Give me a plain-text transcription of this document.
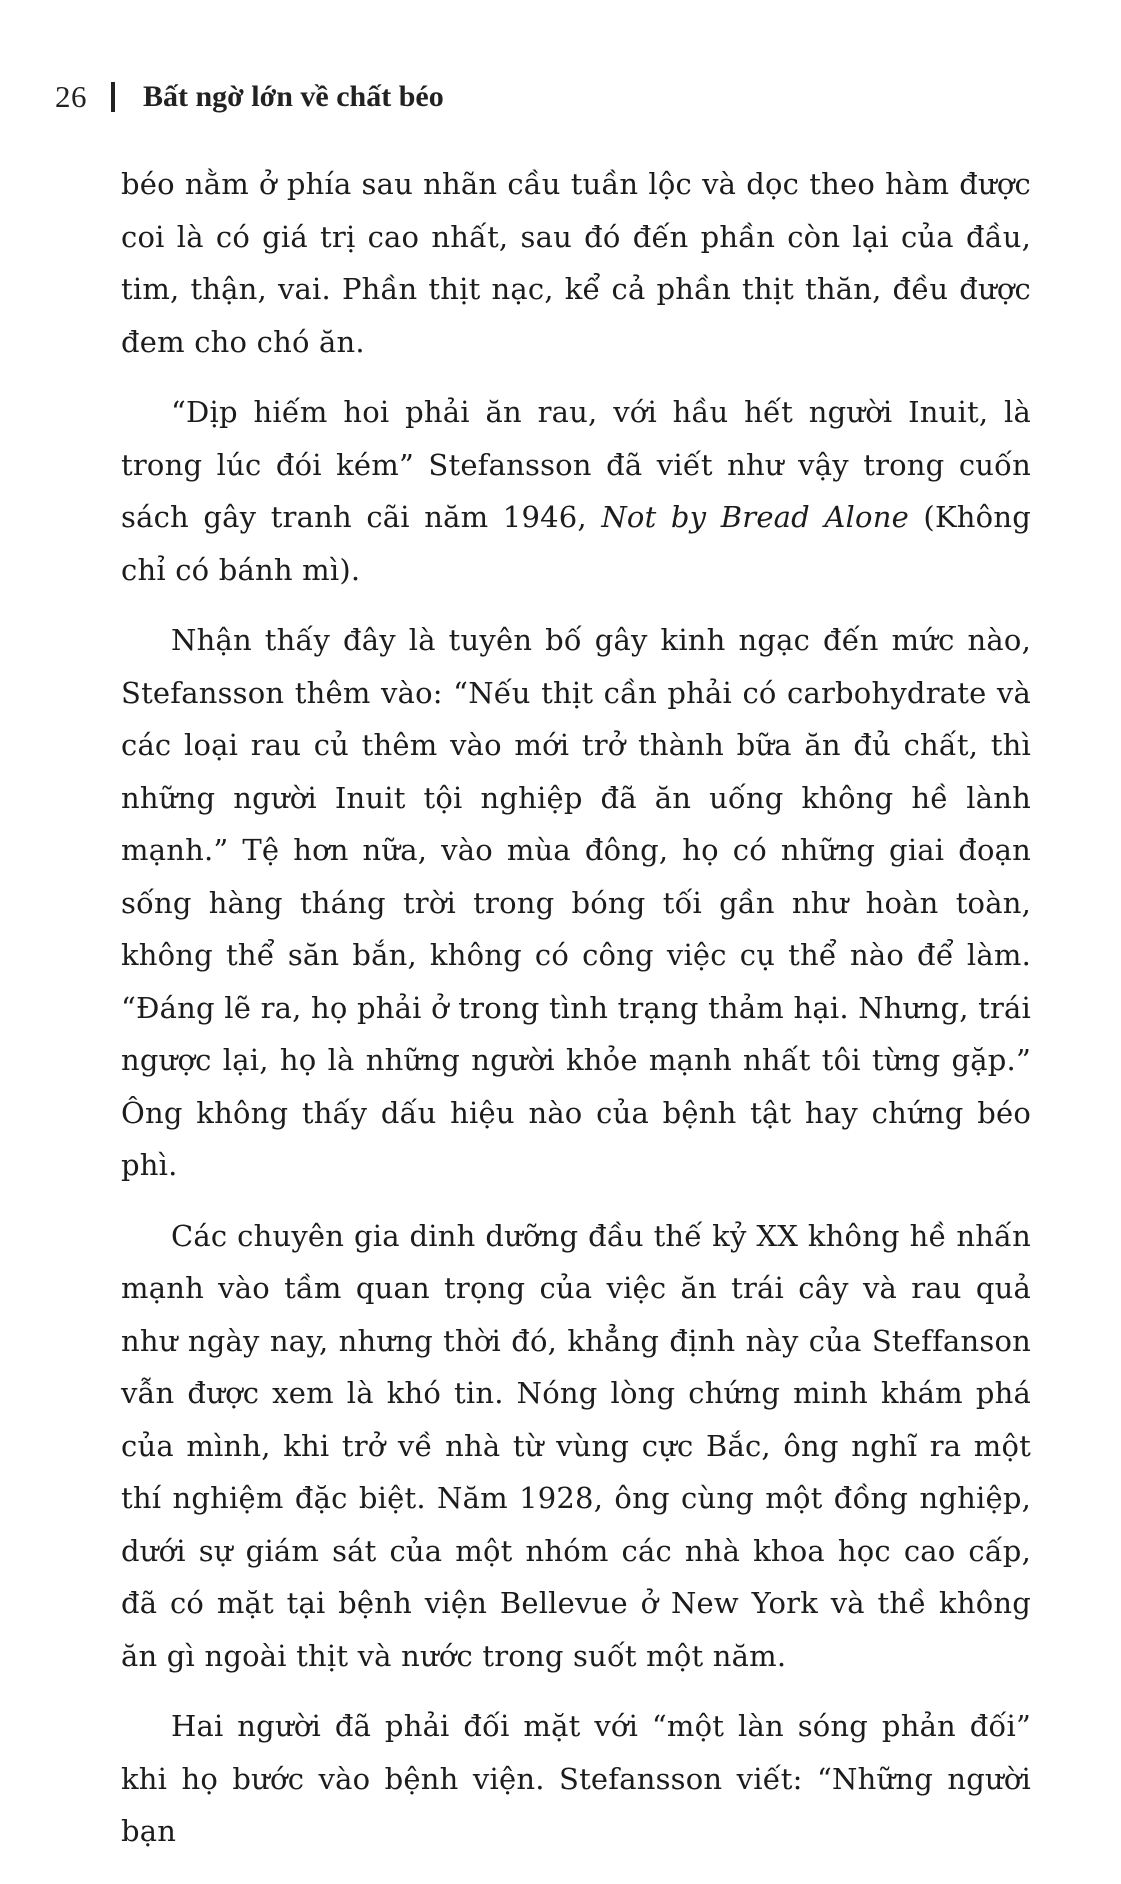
26 Bất ngờ lớn về chất béo

béo nằm ở phía sau nhãn cầu tuần lộc và dọc theo hàm được coi là có giá trị cao nhất, sau đó đến phần còn lại của đầu, tim, thận, vai. Phần thịt nạc, kể cả phần thịt thăn, đều được đem cho chó ăn.

“Dịp hiếm hoi phải ăn rau, với hầu hết người Inuit, là trong lúc đói kém” Stefansson đã viết như vậy trong cuốn sách gây tranh cãi năm 1946, Not by Bread Alone (Không chỉ có bánh mì).

Nhận thấy đây là tuyên bố gây kinh ngạc đến mức nào, Stefansson thêm vào: “Nếu thịt cần phải có carbohydrate và các loại rau củ thêm vào mới trở thành bữa ăn đủ chất, thì những người Inuit tội nghiệp đã ăn uống không hề lành mạnh.” Tệ hơn nữa, vào mùa đông, họ có những giai đoạn sống hàng tháng trời trong bóng tối gần như hoàn toàn, không thể săn bắn, không có công việc cụ thể nào để làm. “Đáng lẽ ra, họ phải ở trong tình trạng thảm hại. Nhưng, trái ngược lại, họ là những người khỏe mạnh nhất tôi từng gặp.” Ông không thấy dấu hiệu nào của bệnh tật hay chứng béo phì.

Các chuyên gia dinh dưỡng đầu thế kỷ XX không hề nhấn mạnh vào tầm quan trọng của việc ăn trái cây và rau quả như ngày nay, nhưng thời đó, khẳng định này của Steffanson vẫn được xem là khó tin. Nóng lòng chứng minh khám phá của mình, khi trở về nhà từ vùng cực Bắc, ông nghĩ ra một thí nghiệm đặc biệt. Năm 1928, ông cùng một đồng nghiệp, dưới sự giám sát của một nhóm các nhà khoa học cao cấp, đã có mặt tại bệnh viện Bellevue ở New York và thề không ăn gì ngoài thịt và nước trong suốt một năm.

Hai người đã phải đối mặt với “một làn sóng phản đối” khi họ bước vào bệnh viện. Stefansson viết: “Những người bạn
